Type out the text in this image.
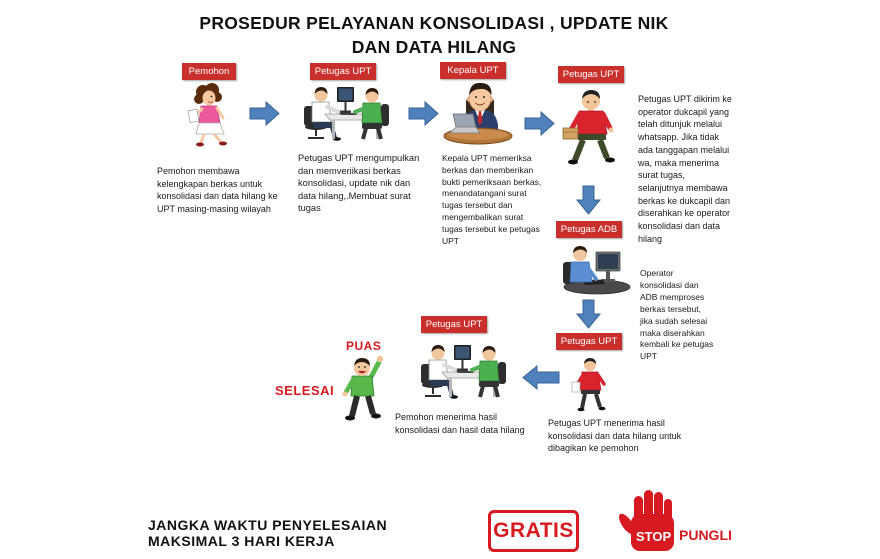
PROSEDUR PELAYANAN KONSOLIDASI , UPDATE NIK
DAN DATA HILANG
Pemohon	Petugas UPT	Kepala UPT	Petugas UPT
Petugas ADB
Petugas UPT
Petugas UPT
Pemohon membawa
kelengkapan berkas untuk
konsolidasi dan data hilang ke
UPT masing-masing wilayah
Petugas UPT mengumpulkan
dan memveriikasi berkas
konsolidasi, update nik dan
data hilang,.Membuat surat
tugas
Kepala UPT memeriksa
berkas dan memberikan
bukti pemeriksaan berkas,
menandatangani surat
tugas tersebut dan
mengembalikan surat
tugas tersebut ke petugas
UPT
Petugas UPT dikirim ke
operator dukcapil yang
telah ditunjuk melalui
whatsapp. Jika tidak
ada tanggapan melalui
wa, maka menerima
surat tugas,
selanjutnya membawa
berkas ke dukcapil dan
diserahkan ke operator
konsolidasi dan data
hilang
Operator
konsolidasi dan
ADB memproses
berkas tersebut,
jika sudah selesai
maka diserahkan
kembali ke petugas
UPT
Petugas UPT menerima hasil
konsolidasi dan data hilang untuk
dibagikan ke pemohon
Pemohon menerima hasil
konsolidasi dan hasil data hilang
PUAS
SELESAI
JANGKA WAKTU PENYELESAIAN
MAKSIMAL 3 HARI KERJA	GRATIS	STOP PUNGLI
